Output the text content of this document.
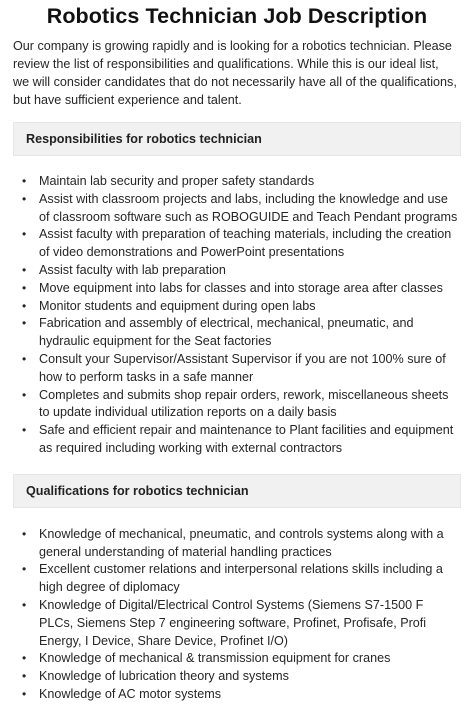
Robotics Technician Job Description

Our company is growing rapidly and is looking for a robotics technician. Please review the list of responsibilities and qualifications. While this is our ideal list, we will consider candidates that do not necessarily have all of the qualifications, but have sufficient experience and talent.

Responsibilities for robotics technician
• Maintain lab security and proper safety standards
• Assist with classroom projects and labs, including the knowledge and use of classroom software such as ROBOGUIDE and Teach Pendant programs
• Assist faculty with preparation of teaching materials, including the creation of video demonstrations and PowerPoint presentations
• Assist faculty with lab preparation
• Move equipment into labs for classes and into storage area after classes
• Monitor students and equipment during open labs
• Fabrication and assembly of electrical, mechanical, pneumatic, and hydraulic equipment for the Seat factories
• Consult your Supervisor/Assistant Supervisor if you are not 100% sure of how to perform tasks in a safe manner
• Completes and submits shop repair orders, rework, miscellaneous sheets to update individual utilization reports on a daily basis
• Safe and efficient repair and maintenance to Plant facilities and equipment as required including working with external contractors
Qualifications for robotics technician
• Knowledge of mechanical, pneumatic, and controls systems along with a general understanding of material handling practices
• Excellent customer relations and interpersonal relations skills including a high degree of diplomacy
• Knowledge of Digital/Electrical Control Systems (Siemens S7-1500 F PLCs, Siemens Step 7 engineering software, Profinet, Profisafe, Profi Energy, I Device, Share Device, Profinet I/O)
• Knowledge of mechanical & transmission equipment for cranes
• Knowledge of lubrication theory and systems
• Knowledge of AC motor systems
